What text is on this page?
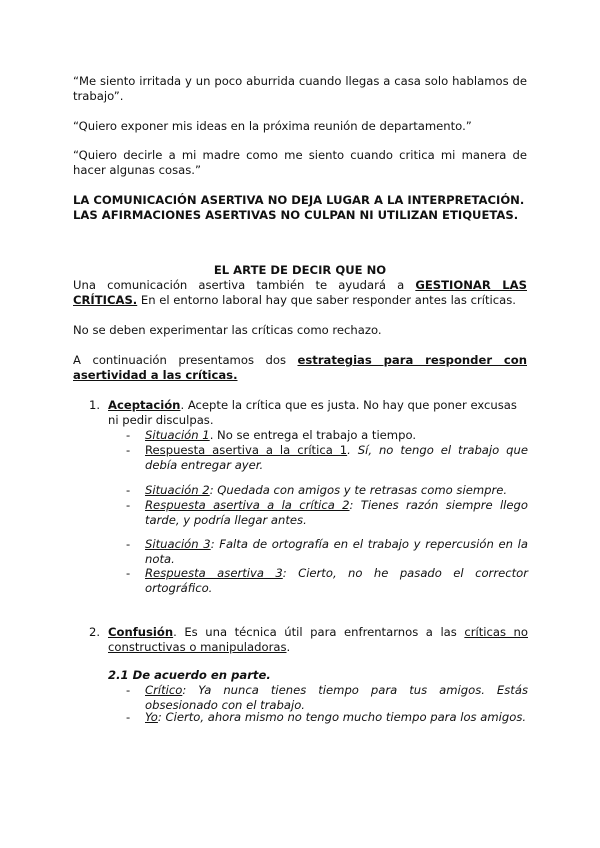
“Me siento irritada y un poco aburrida cuando llegas a casa solo hablamos de trabajo”.

“Quiero exponer mis ideas en la próxima reunión de departamento.”

“Quiero decirle a mi madre como me siento cuando critica mi manera de hacer algunas cosas.”

LA COMUNICACIÓN ASERTIVA NO DEJA LUGAR A LA INTERPRETACIÓN.

LAS AFIRMACIONES ASERTIVAS NO CULPAN NI UTILIZAN ETIQUETAS.

EL ARTE DE DECIR QUE NO

Una comunicación asertiva también te ayudará a GESTIONAR LAS CRÍTICAS. En el entorno laboral hay que saber responder antes las críticas.

No se deben experimentar las críticas como rechazo.

A continuación presentamos dos estrategias para responder con asertividad a las críticas.

1. Aceptación. Acepte la crítica que es justa. No hay que poner excusas ni pedir disculpas.

- Situación 1. No se entrega el trabajo a tiempo.

- Respuesta asertiva a la crítica 1. Sí, no tengo el trabajo que debía entregar ayer.

- Situación 2: Quedada con amigos y te retrasas como siempre.

- Respuesta asertiva a la crítica 2: Tienes razón siempre llego tarde, y podría llegar antes.

- Situación 3: Falta de ortografía en el trabajo y repercusión en la nota.

- Respuesta asertiva 3: Cierto, no he pasado el corrector ortográfico.

2. Confusión. Es una técnica útil para enfrentarnos a las críticas no constructivas o manipuladoras.

2.1 De acuerdo en parte.

- Crítico: Ya nunca tienes tiempo para tus amigos. Estás obsesionado con el trabajo.

- Yo: Cierto, ahora mismo no tengo mucho tiempo para los amigos.
